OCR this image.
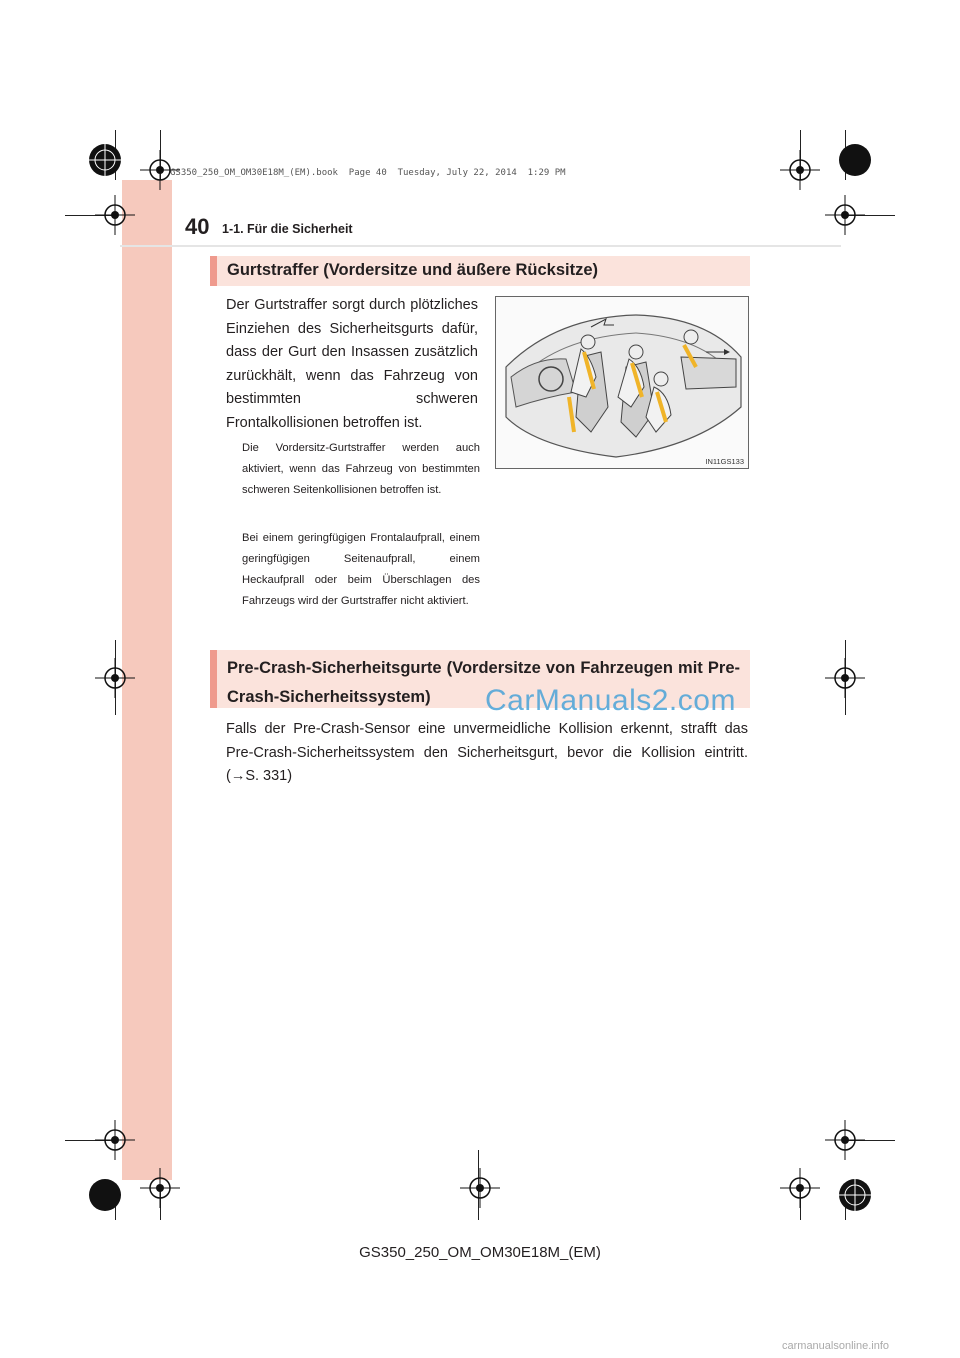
GS350_250_OM_OM30E18M_(EM).book  Page 40  Tuesday, July 22, 2014  1:29 PM
40 1-1. Für die Sicherheit
Gurtstraffer (Vordersitze und äußere Rücksitze)
Der Gurtstraffer sorgt durch plötzliches Einziehen des Sicherheitsgurts dafür, dass der Gurt den Insassen zusätzlich zurückhält, wenn das Fahrzeug von bestimmten schweren Frontalkollisionen betroffen ist.
Die Vordersitz-Gurtstraffer werden auch aktiviert, wenn das Fahrzeug von bestimmten schweren Seitenkollisionen betroffen ist.
Bei einem geringfügigen Frontalaufprall, einem geringfügigen Seitenaufprall, einem Heckaufprall oder beim Überschlagen des Fahrzeugs wird der Gurtstraffer nicht aktiviert.
IN11GS133
Pre-Crash-Sicherheitsgurte (Vordersitze von Fahrzeugen mit Pre-Crash-Sicherheitssystem)
Falls der Pre-Crash-Sensor eine unvermeidliche Kollision erkennt, strafft das Pre-Crash-Sicherheitssystem den Sicherheitsgurt, bevor die Kollision eintritt. (→S. 331)
CarManuals2.com
GS350_250_OM_OM30E18M_(EM)
carmanualsonline.info
